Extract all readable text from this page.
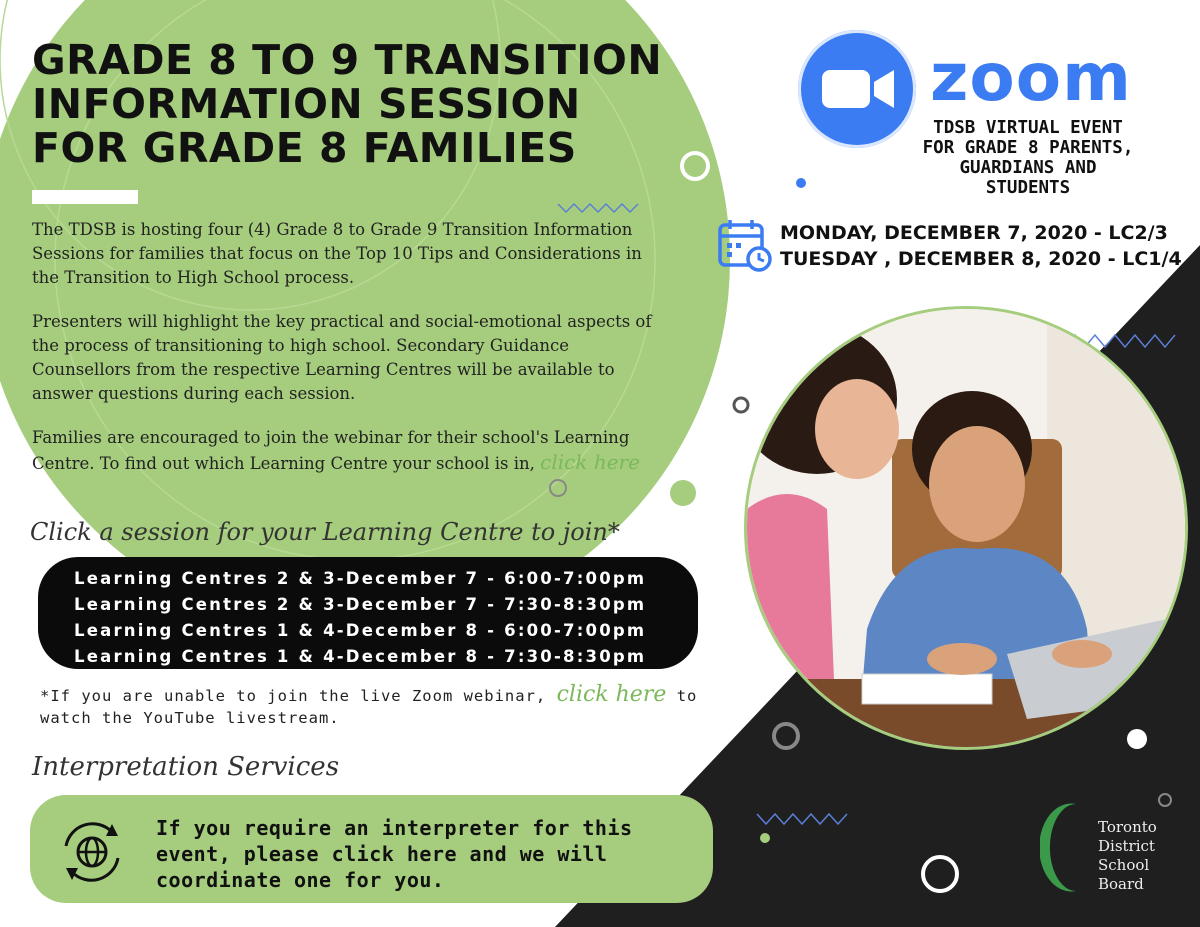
GRADE 8 TO 9 TRANSITION
INFORMATION SESSION
FOR GRADE 8 FAMILIES

The TDSB is hosting four (4) Grade 8 to Grade 9 Transition Information Sessions for families that focus on the Top 10 Tips and Considerations in the Transition to High School process.

Presenters will highlight the key practical and social-emotional aspects of the process of transitioning to high school. Secondary Guidance Counsellors from the respective Learning Centres will be available to answer questions during each session.

Families are encouraged to join the webinar for their school's Learning Centre. To find out which Learning Centre your school is in, click here

Click a session for your Learning Centre to join*
Learning Centres 2 & 3-December 7 - 6:00-7:00pm
Learning Centres 2 & 3-December 7 - 7:30-8:30pm
Learning Centres 1 & 4-December 8 - 6:00-7:00pm
Learning Centres 1 & 4-December 8 - 7:30-8:30pm
*If you are unable to join the live Zoom webinar, click here to watch the YouTube livestream.
Interpretation Services
If you require an interpreter for this event, please click here and we will coordinate one for you.
zoom
TDSB VIRTUAL EVENT
FOR GRADE 8 PARENTS,
GUARDIANS AND
STUDENTS
MONDAY, DECEMBER 7, 2020 - LC2/3
TUESDAY , DECEMBER 8, 2020 - LC1/4
Toronto
District
School
Board
